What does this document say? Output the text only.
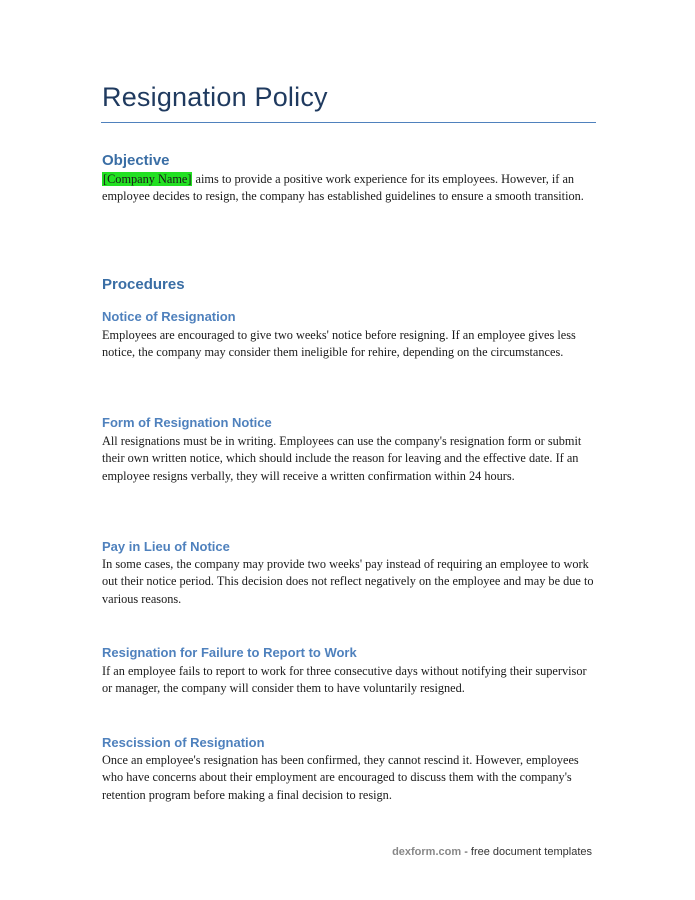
Resignation Policy
Objective

[Company Name] aims to provide a positive work experience for its employees. However, if an employee decides to resign, the company has established guidelines to ensure a smooth transition.

Procedures
Notice of Resignation

Employees are encouraged to give two weeks' notice before resigning. If an employee gives less notice, the company may consider them ineligible for rehire, depending on the circumstances.

Form of Resignation Notice

All resignations must be in writing. Employees can use the company's resignation form or submit their own written notice, which should include the reason for leaving and the effective date. If an employee resigns verbally, they will receive a written confirmation within 24 hours.

Pay in Lieu of Notice

In some cases, the company may provide two weeks' pay instead of requiring an employee to work out their notice period. This decision does not reflect negatively on the employee and may be due to various reasons.

Resignation for Failure to Report to Work

If an employee fails to report to work for three consecutive days without notifying their supervisor or manager, the company will consider them to have voluntarily resigned.

Rescission of Resignation

Once an employee's resignation has been confirmed, they cannot rescind it. However, employees who have concerns about their employment are encouraged to discuss them with the company's retention program before making a final decision to resign.

dexform.com - free document templates
